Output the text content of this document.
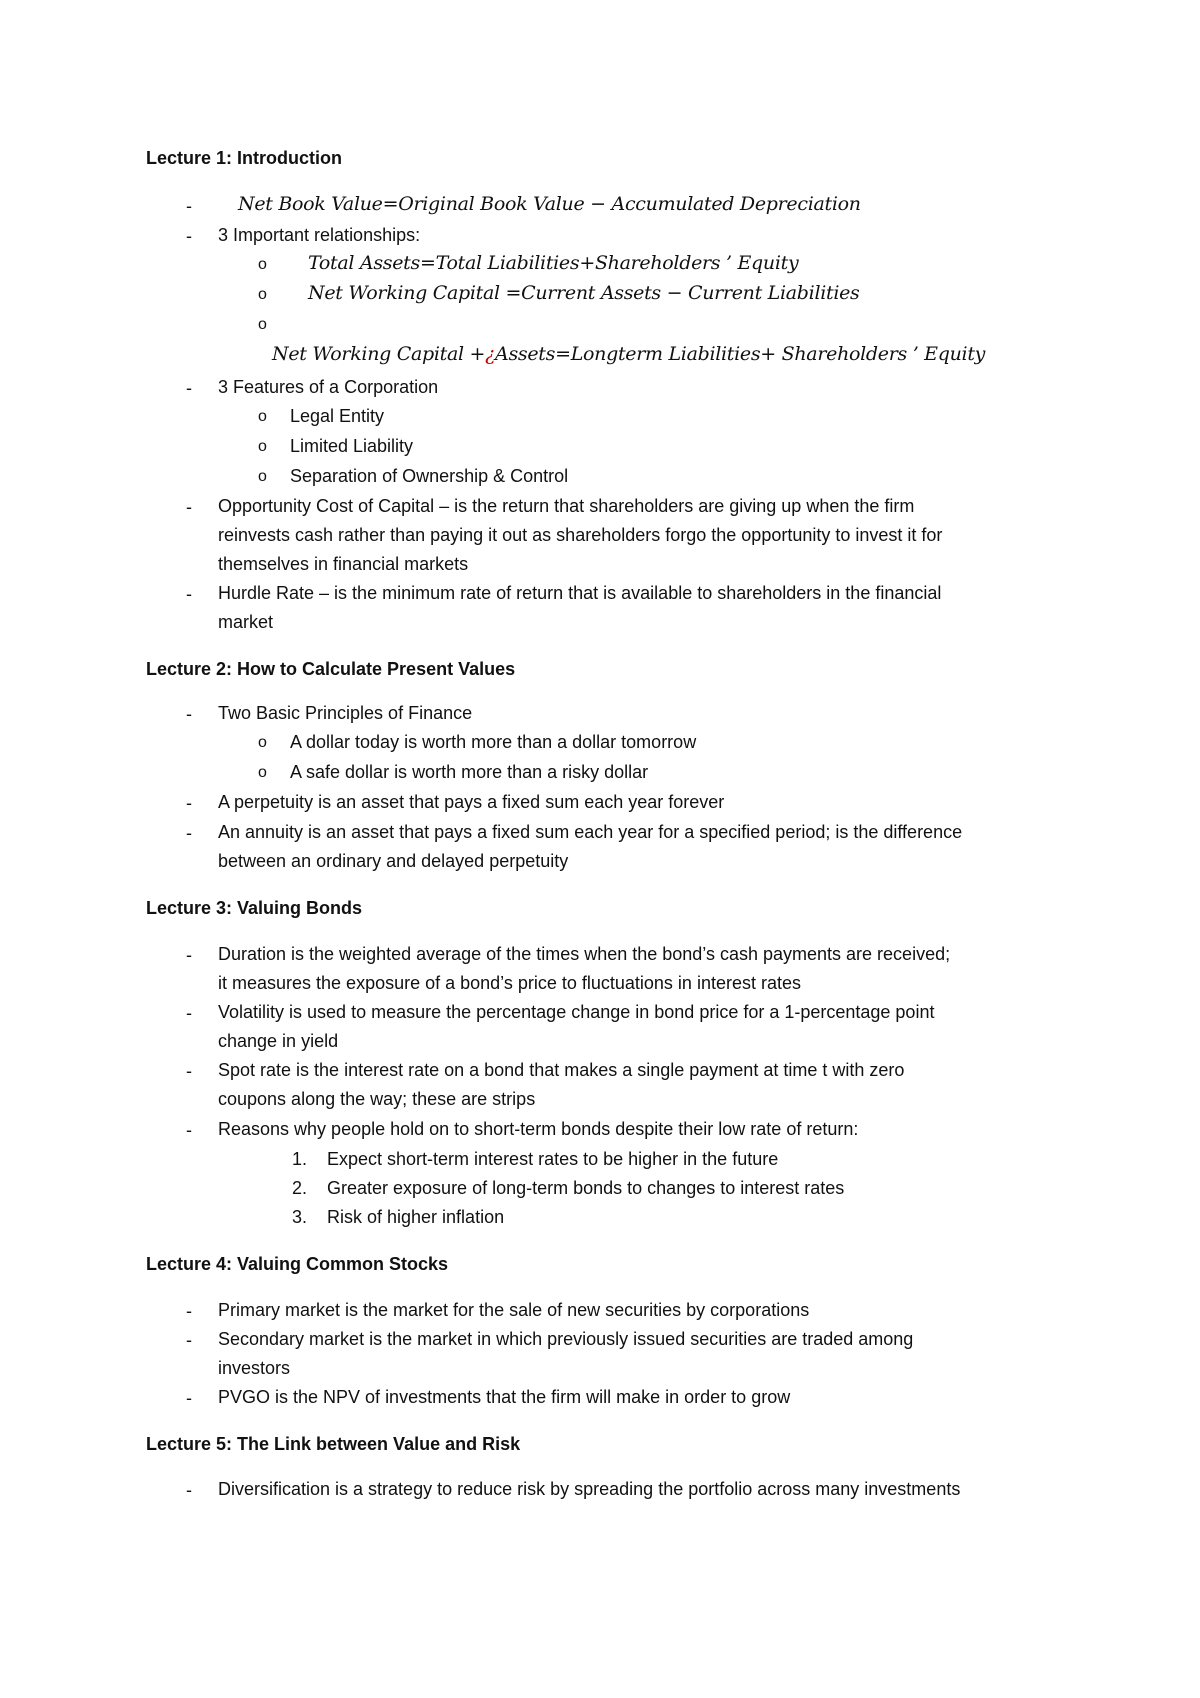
Lecture 1: Introduction
- Net Book Value=Original Book Value − Accumulated Depreciation
- 3 Important relationships:
o Total Assets=Total Liabilities+Shareholders ’ Equity
o Net Working Capital =Current Assets − Current Liabilities
o
Net Working Capital +¿Assets=Longterm Liabilities+ Shareholders ’ Equity
- 3 Features of a Corporation
o Legal Entity
o Limited Liability
o Separation of Ownership & Control
- Opportunity Cost of Capital – is the return that shareholders are giving up when the firm
reinvests cash rather than paying it out as shareholders forgo the opportunity to invest it for
themselves in financial markets
- Hurdle Rate – is the minimum rate of return that is available to shareholders in the financial
market
Lecture 2: How to Calculate Present Values
- Two Basic Principles of Finance
o A dollar today is worth more than a dollar tomorrow
o A safe dollar is worth more than a risky dollar
- A perpetuity is an asset that pays a fixed sum each year forever
- An annuity is an asset that pays a fixed sum each year for a specified period; is the difference
between an ordinary and delayed perpetuity
Lecture 3: Valuing Bonds
- Duration is the weighted average of the times when the bond’s cash payments are received;
it measures the exposure of a bond’s price to fluctuations in interest rates
- Volatility is used to measure the percentage change in bond price for a 1-percentage point
change in yield
- Spot rate is the interest rate on a bond that makes a single payment at time t with zero
coupons along the way; these are strips
- Reasons why people hold on to short-term bonds despite their low rate of return:
1. Expect short-term interest rates to be higher in the future
2. Greater exposure of long-term bonds to changes to interest rates
3. Risk of higher inflation
Lecture 4: Valuing Common Stocks
- Primary market is the market for the sale of new securities by corporations
- Secondary market is the market in which previously issued securities are traded among
investors
- PVGO is the NPV of investments that the firm will make in order to grow
Lecture 5: The Link between Value and Risk
- Diversification is a strategy to reduce risk by spreading the portfolio across many investments
